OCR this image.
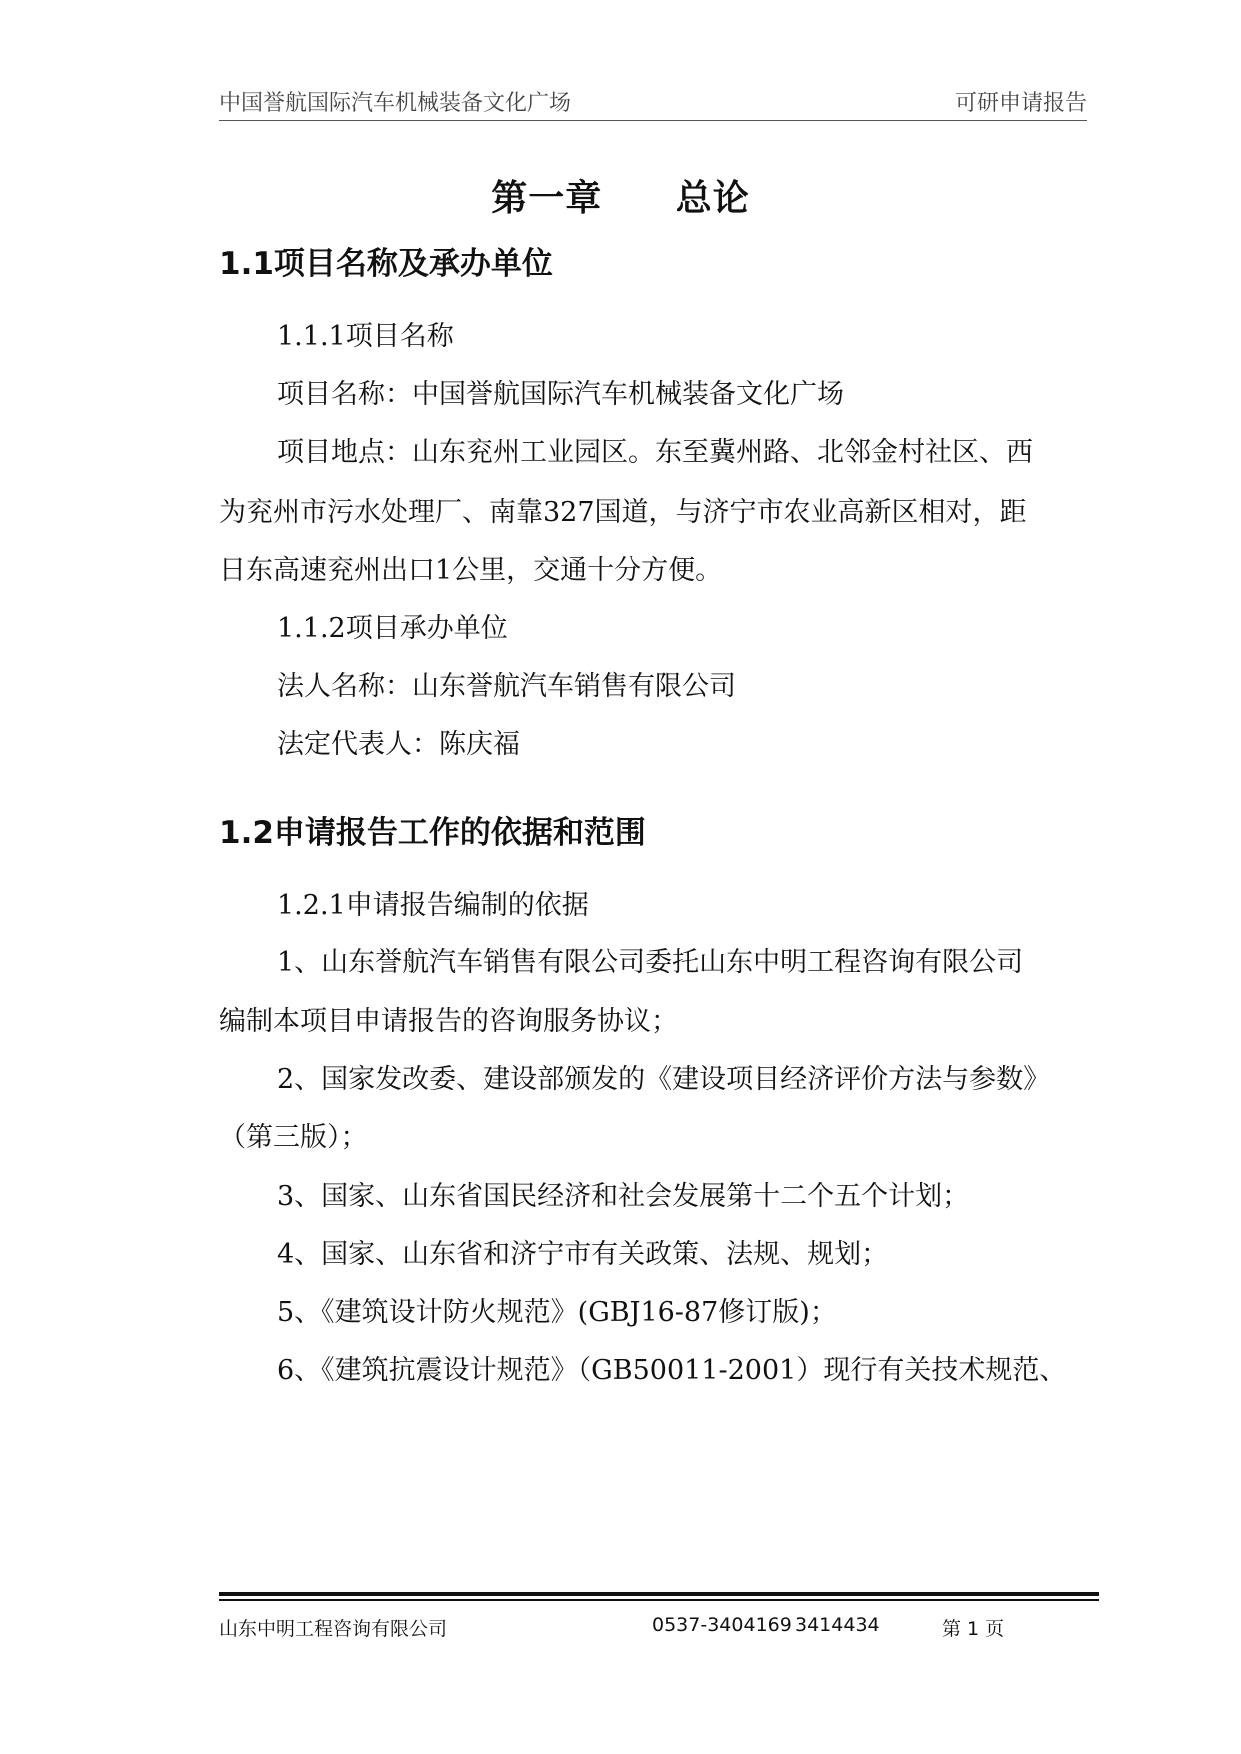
中国誉航国际汽车机械装备文化广场	可研申请报告
第一章 总论
1.1项目名称及承办单位
1.1.1项目名称
项目名称：中国誉航国际汽车机械装备文化广场
项目地点：山东兖州工业园区。东至冀州路、北邻金村社区、西
为兖州市污水处理厂、南靠327国道，与济宁市农业高新区相对，距
日东高速兖州出口1公里，交通十分方便。
1.1.2项目承办单位
法人名称：山东誉航汽车销售有限公司
法定代表人：陈庆福
1.2申请报告工作的依据和范围
1.2.1申请报告编制的依据
1、山东誉航汽车销售有限公司委托山东中明工程咨询有限公司
编制本项目申请报告的咨询服务协议；
2、国家发改委、建设部颁发的《建设项目经济评价方法与参数》
（第三版）；
3、国家、山东省国民经济和社会发展第十二个五个计划；
4、国家、山东省和济宁市有关政策、法规、规划；
5、《建筑设计防火规范》(GBJ16-87修订版)；
6、《建筑抗震设计规范》（GB50011-2001）现行有关技术规范、
山东中明工程咨询有限公司	0537-3404169 3414434	第 1 页
